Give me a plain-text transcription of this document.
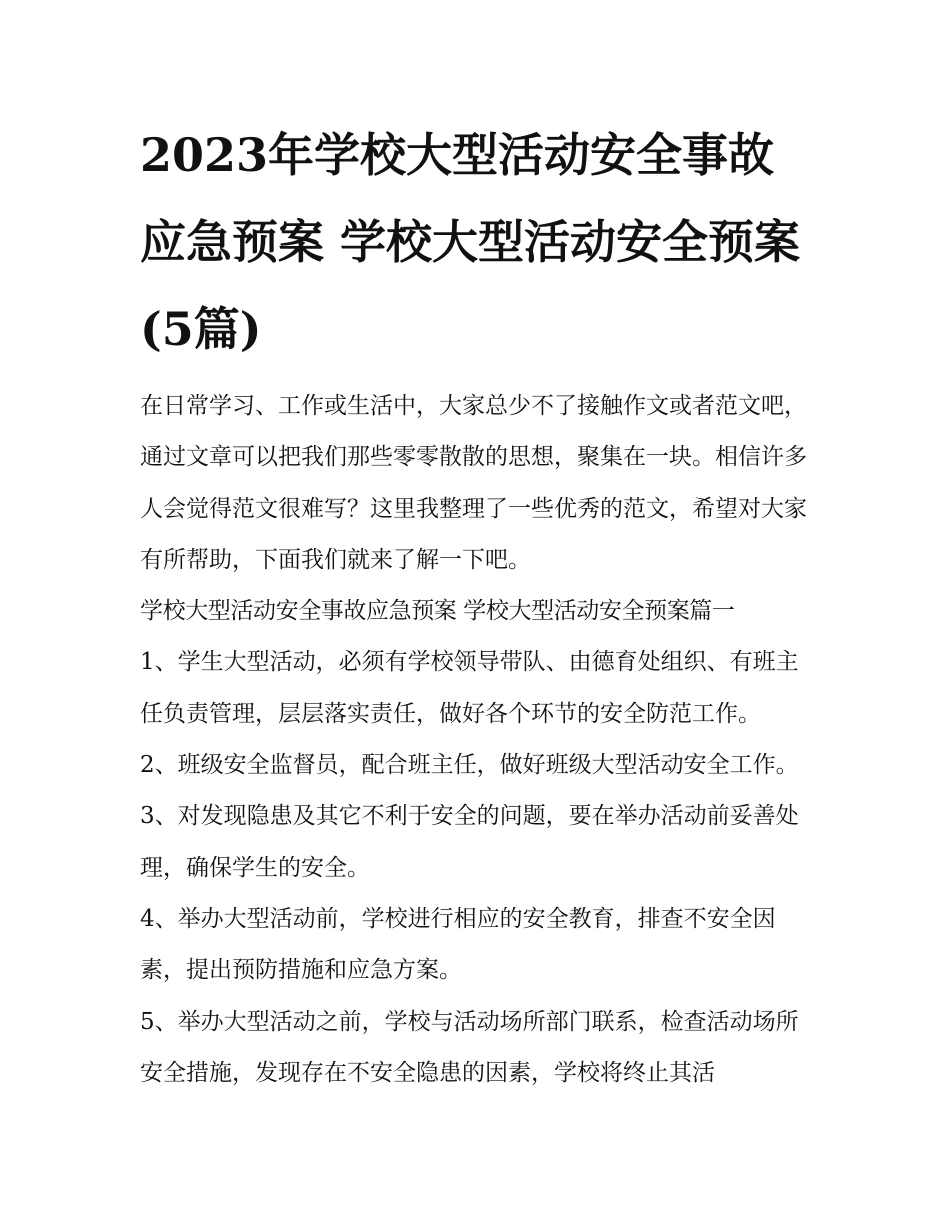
2023年学校大型活动安全事故应急预案 学校大型活动安全预案(5篇)

在日常学习、工作或生活中，大家总少不了接触作文或者范文吧，通过文章可以把我们那些零零散散的思想，聚集在一块。相信许多人会觉得范文很难写？这里我整理了一些优秀的范文，希望对大家有所帮助，下面我们就来了解一下吧。

学校大型活动安全事故应急预案 学校大型活动安全预案篇一

1、学生大型活动，必须有学校领导带队、由德育处组织、有班主任负责管理，层层落实责任，做好各个环节的安全防范工作。

2、班级安全监督员，配合班主任，做好班级大型活动安全工作。 3、对发现隐患及其它不利于安全的问题，要在举办活动前妥善处理，确保学生的安全。

4、举办大型活动前，学校进行相应的安全教育，排查不安全因素，提出预防措施和应急方案。

5、举办大型活动之前，学校与活动场所部门联系，检查活动场所安全措施，发现存在不安全隐患的因素，学校将终止其活
